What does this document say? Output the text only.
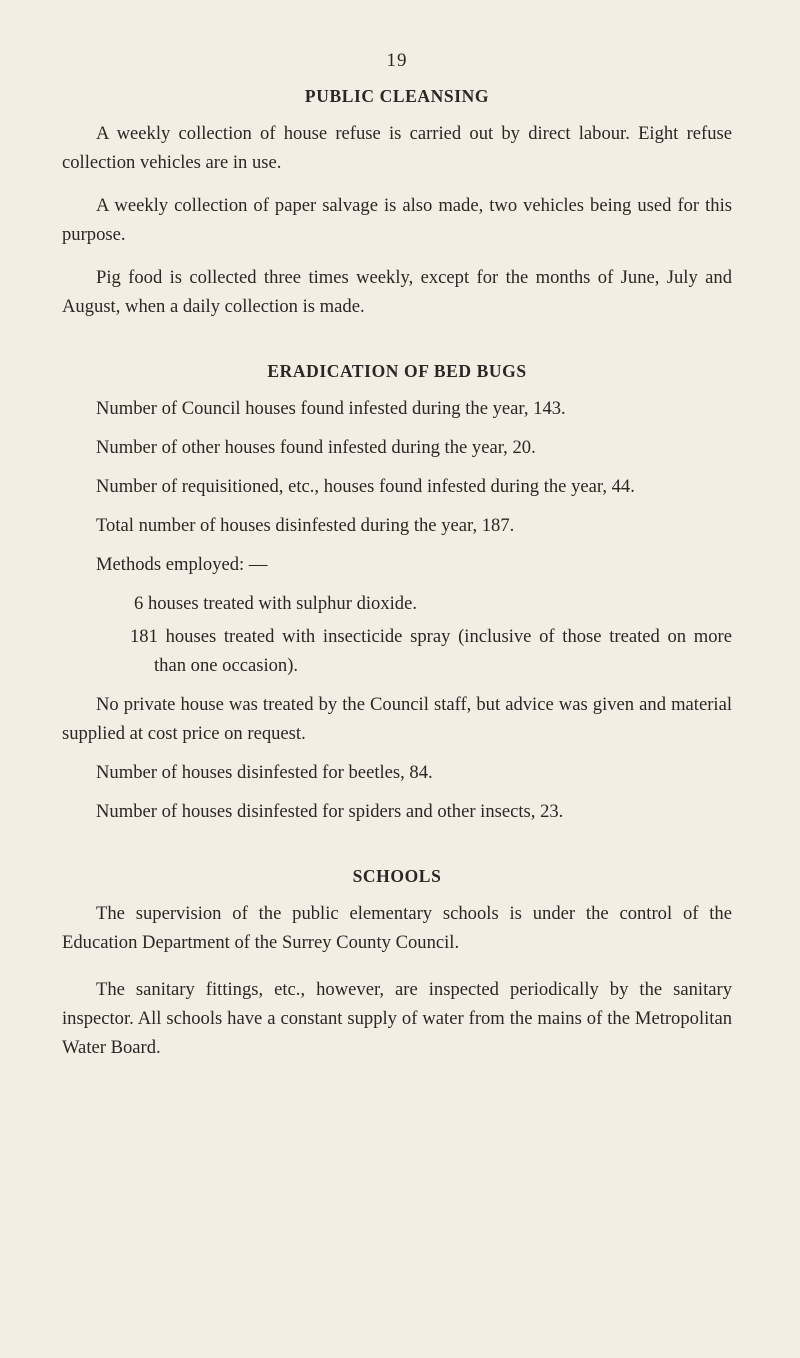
19
PUBLIC CLEANSING

A weekly collection of house refuse is carried out by direct labour. Eight refuse collection vehicles are in use.

A weekly collection of paper salvage is also made, two vehicles being used for this purpose.

Pig food is collected three times weekly, except for the months of June, July and August, when a daily collection is made.

ERADICATION OF BED BUGS

Number of Council houses found infested during the year, 143.

Number of other houses found infested during the year, 20.

Number of requisitioned, etc., houses found infested during the year, 44.

Total number of houses disinfested during the year, 187.

Methods employed: —

6 houses treated with sulphur dioxide.

181 houses treated with insecticide spray (inclusive of those treated on more than one occasion).

No private house was treated by the Council staff, but advice was given and material supplied at cost price on request.

Number of houses disinfested for beetles, 84.

Number of houses disinfested for spiders and other insects, 23.

SCHOOLS

The supervision of the public elementary schools is under the control of the Education Department of the Surrey County Council.

The sanitary fittings, etc., however, are inspected periodically by the sanitary inspector. All schools have a constant supply of water from the mains of the Metropolitan Water Board.
